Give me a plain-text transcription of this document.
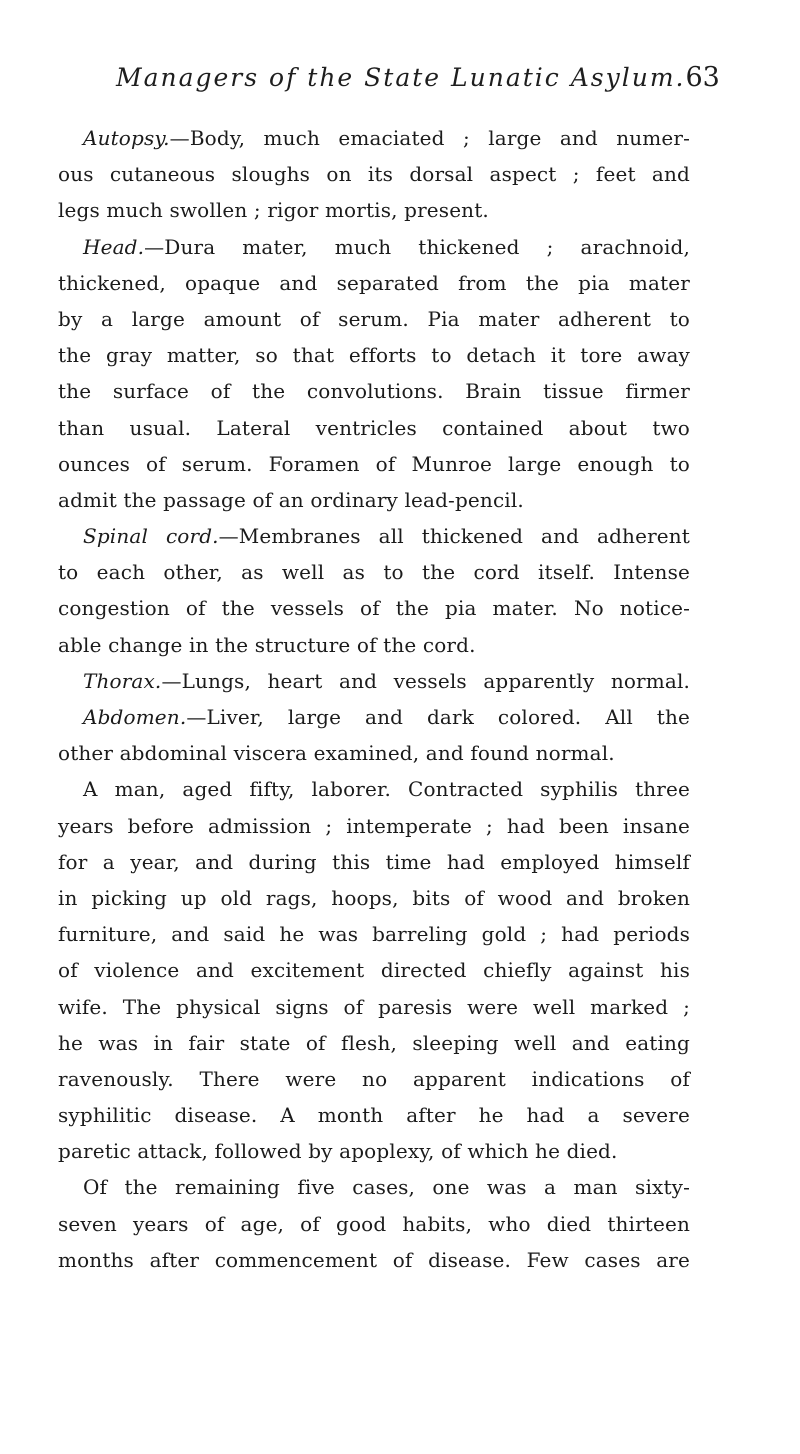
Managers of the State Lunatic Asylum. 63
Autopsy.—Body, much emaciated ; large and numer-
ous cutaneous sloughs on its dorsal aspect ; feet and
legs much swollen ; rigor mortis, present.
Head.—Dura mater, much thickened ; arachnoid,
thickened, opaque and separated from the pia mater
by a large amount of serum. Pia mater adherent to
the gray matter, so that efforts to detach it tore away
the surface of the convolutions. Brain tissue firmer
than usual. Lateral ventricles contained about two
ounces of serum. Foramen of Munroe large enough to
admit the passage of an ordinary lead-pencil.
Spinal cord.—Membranes all thickened and adherent
to each other, as well as to the cord itself. Intense
congestion of the vessels of the pia mater. No notice-
able change in the structure of the cord.
Thorax.—Lungs, heart and vessels apparently normal.
Abdomen.—Liver, large and dark colored. All the
other abdominal viscera examined, and found normal.
A man, aged fifty, laborer. Contracted syphilis three
years before admission ; intemperate ; had been insane
for a year, and during this time had employed himself
in picking up old rags, hoops, bits of wood and broken
furniture, and said he was barreling gold ; had periods
of violence and excitement directed chiefly against his
wife. The physical signs of paresis were well marked ;
he was in fair state of flesh, sleeping well and eating
ravenously. There were no apparent indications of
syphilitic disease. A month after he had a severe
paretic attack, followed by apoplexy, of which he died.
Of the remaining five cases, one was a man sixty-
seven years of age, of good habits, who died thirteen
months after commencement of disease. Few cases are
